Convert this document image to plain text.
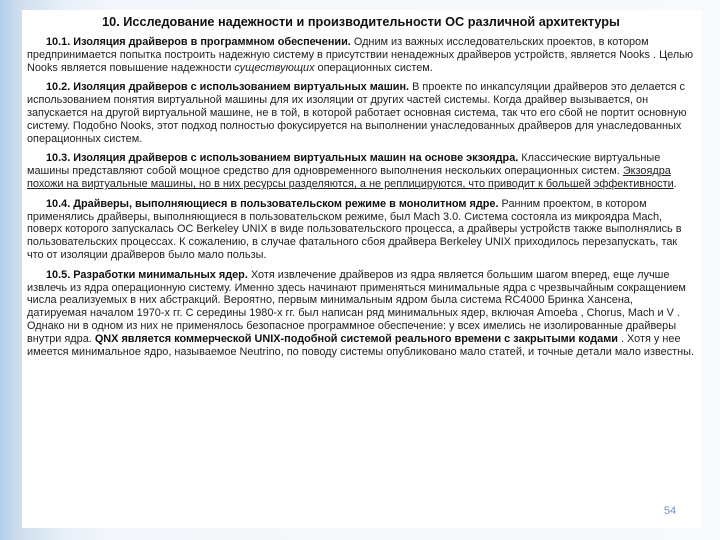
10. Исследование надежности и производительности ОС различной архитектуры

10.1. Изоляция драйверов в программном обеспечении. Одним из важных исследовательских проектов, в котором предпринимается попытка построить надежную систему в присутствии ненадежных драйверов устройств, является Nooks . Целью Nooks является повышение надежности существующих операционных систем.

10.2. Изоляция драйверов с использованием виртуальных машин. В проекте по инкапсуляции драйверов это делается с использованием понятия виртуальной машины для их изоляции от других частей системы. Когда драйвер вызывается, он запускается на другой виртуальной машине, не в той, в которой работает основная система, так что его сбой не портит основную систему. Подобно Nooks, этот подход полностью фокусируется на выполнении унаследованных драйверов для унаследованных операционных систем.

10.3. Изоляция драйверов с использованием виртуальных машин на основе экзоядра. Классические виртуальные машины представляют собой мощное средство для одновременного выполнения нескольких операционных систем. Экзоядра похожи на виртуальные машины, но в них ресурсы разделяются, а не реплицируются, что приводит к большей эффективности.

10.4. Драйверы, выполняющиеся в пользовательском режиме в монолитном ядре. Ранним проектом, в котором применялись драйверы, выполняющиеся в пользовательском режиме, был Mach 3.0. Система состояла из микроядра Mach, поверх которого запускалась ОС Berkeley UNIX в виде пользовательского процесса, а драйверы устройств также выполнялись в пользовательских процессах. К сожалению, в случае фатального сбоя драйвера Berkeley UNIX приходилось перезапускать, так что от изоляции драйверов было мало пользы.

10.5. Разработки минимальных ядер. Хотя извлечение драйверов из ядра является большим шагом вперед, еще лучше извлечь из ядра операционную систему. Именно здесь начинают применяться минимальные ядра с чрезвычайным сокращением числа реализуемых в них абстракций. Вероятно, первым минимальным ядром была система RC4000 Бринка Хансена, датируемая началом 1970-х гг. С середины 1980-х гг. был написан ряд минимальных ядер, включая Amoeba , Chorus, Mach и V . Однако ни в одном из них не применялось безопасное программное обеспечение: у всех имелись не изолированные драйверы внутри ядра. QNX является коммерческой UNIX-подобной системой реального времени с закрытыми кодами . Хотя у нее имеется минимальное ядро, называемое Neutrino, по поводу системы опубликовано мало статей, и точные детали мало известны.

54
